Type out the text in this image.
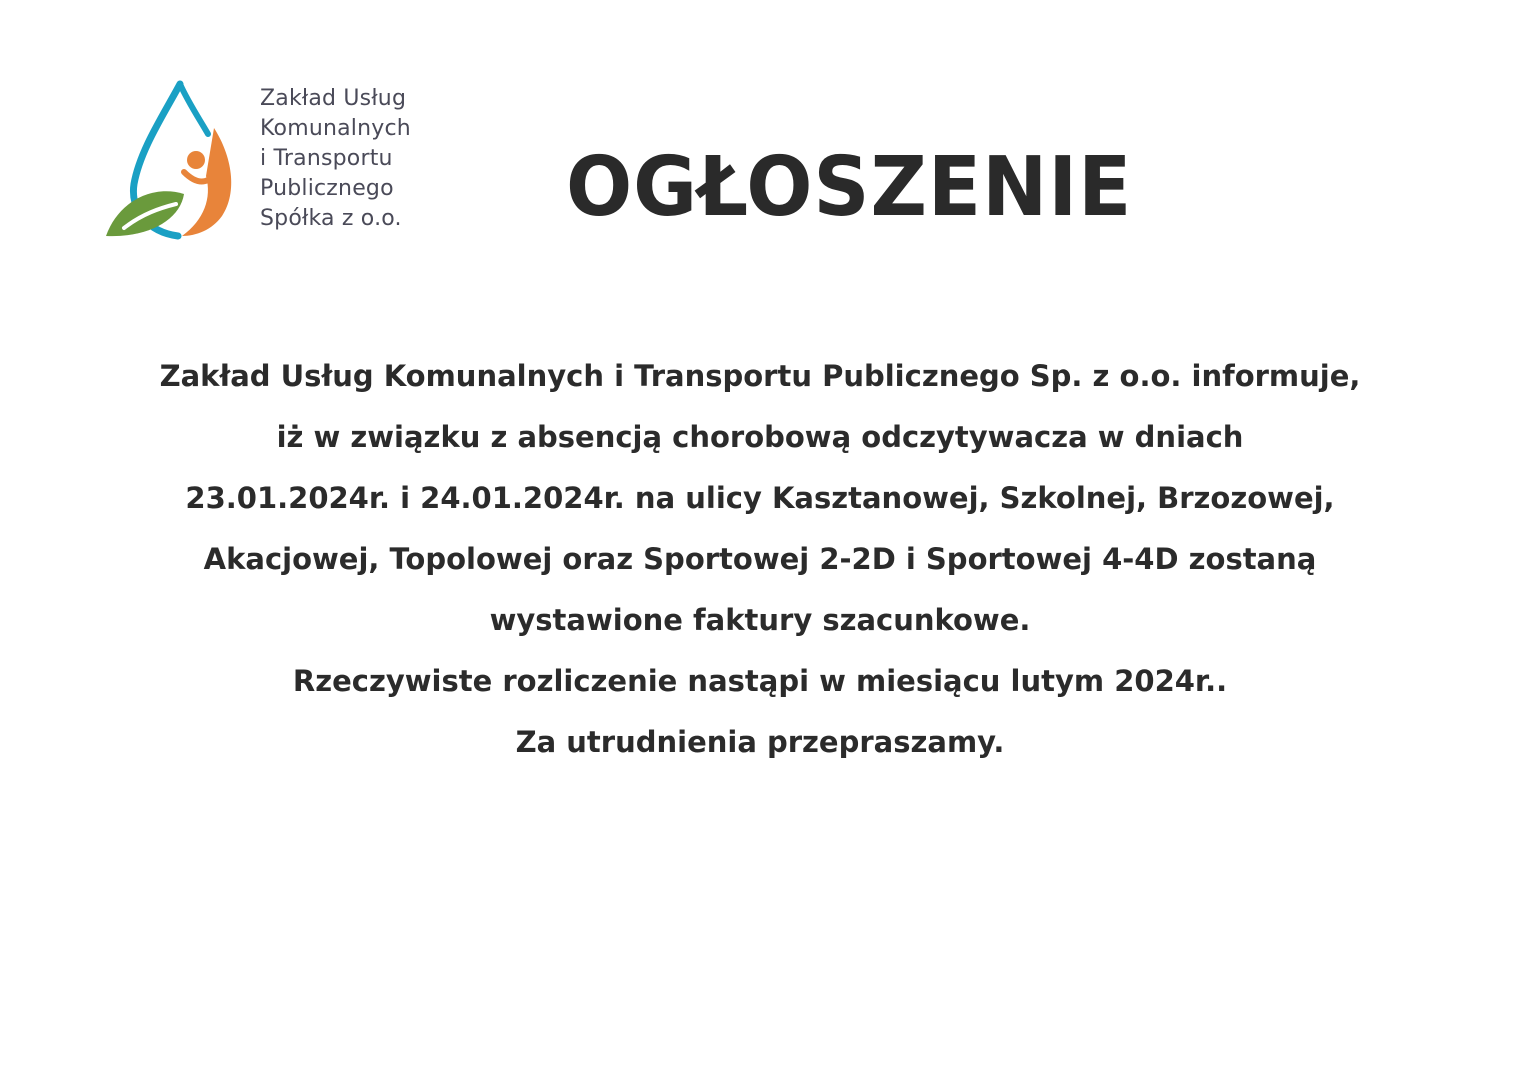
Zakład Usług
Komunalnych
i Transportu
Publicznego
Spółka z o.o. OGŁOSZENIE
Zakład Usług Komunalnych i Transportu Publicznego Sp. z o.o. informuje,
iż w związku z absencją chorobową odczytywacza w dniach
23.01.2024r. i 24.01.2024r. na ulicy Kasztanowej, Szkolnej, Brzozowej,
Akacjowej, Topolowej oraz Sportowej 2-2D i Sportowej 4-4D zostaną
wystawione faktury szacunkowe.
Rzeczywiste rozliczenie nastąpi w miesiącu lutym 2024r..
Za utrudnienia przepraszamy.
